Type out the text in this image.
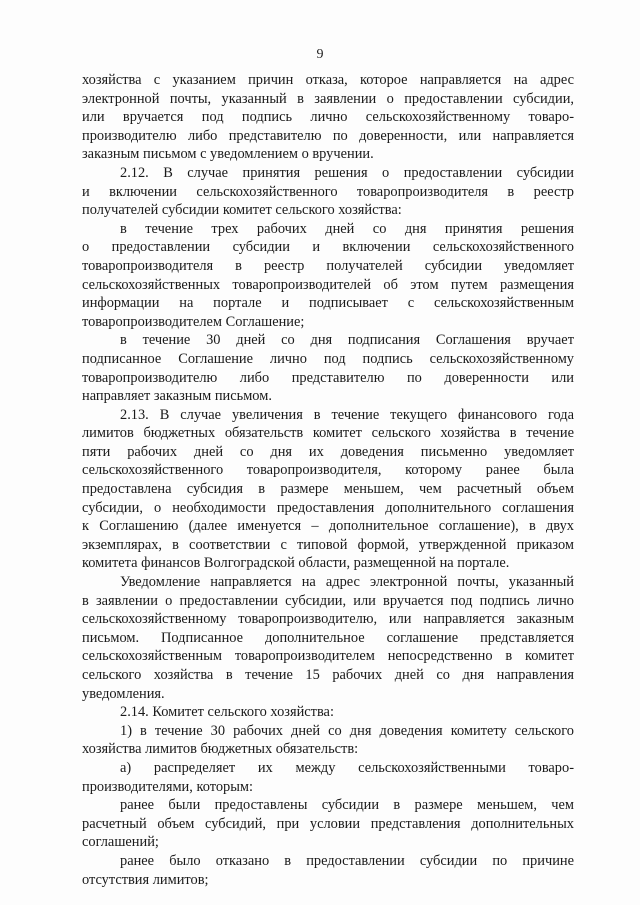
9
хозяйства с указанием причин отказа, которое направляется на адрес
электронной почты, указанный в заявлении о предоставлении субсидии,
или вручается под подпись лично сельскохозяйственному товаро-
производителю либо представителю по доверенности, или направляется
заказным письмом с уведомлением о вручении.
2.12. В случае принятия решения о предоставлении субсидии
и включении сельскохозяйственного товаропроизводителя в реестр
получателей субсидии комитет сельского хозяйства:
в течение трех рабочих дней со дня принятия решения
о предоставлении субсидии и включении сельскохозяйственного
товаропроизводителя в реестр получателей субсидии уведомляет
сельскохозяйственных товаропроизводителей об этом путем размещения
информации на портале и подписывает с сельскохозяйственным
товаропроизводителем Соглашение;
в течение 30 дней со дня подписания Соглашения вручает
подписанное Соглашение лично под подпись сельскохозяйственному
товаропроизводителю либо представителю по доверенности или
направляет заказным письмом.
2.13. В случае увеличения в течение текущего финансового года
лимитов бюджетных обязательств комитет сельского хозяйства в течение
пяти рабочих дней со дня их доведения письменно уведомляет
сельскохозяйственного товаропроизводителя, которому ранее была
предоставлена субсидия в размере меньшем, чем расчетный объем
субсидии, о необходимости предоставления дополнительного соглашения
к Соглашению (далее именуется – дополнительное соглашение), в двух
экземплярах, в соответствии с типовой формой, утвержденной приказом
комитета финансов Волгоградской области, размещенной на портале.
Уведомление направляется на адрес электронной почты, указанный
в заявлении о предоставлении субсидии, или вручается под подпись лично
сельскохозяйственному товаропроизводителю, или направляется заказным
письмом. Подписанное дополнительное соглашение представляется
сельскохозяйственным товаропроизводителем непосредственно в комитет
сельского хозяйства в течение 15 рабочих дней со дня направления
уведомления.
2.14. Комитет сельского хозяйства:
1) в течение 30 рабочих дней со дня доведения комитету сельского
хозяйства лимитов бюджетных обязательств:
а) распределяет их между сельскохозяйственными товаро-
производителями, которым:
ранее были предоставлены субсидии в размере меньшем, чем
расчетный объем субсидий, при условии представления дополнительных
соглашений;
ранее было отказано в предоставлении субсидии по причине
отсутствия лимитов;
